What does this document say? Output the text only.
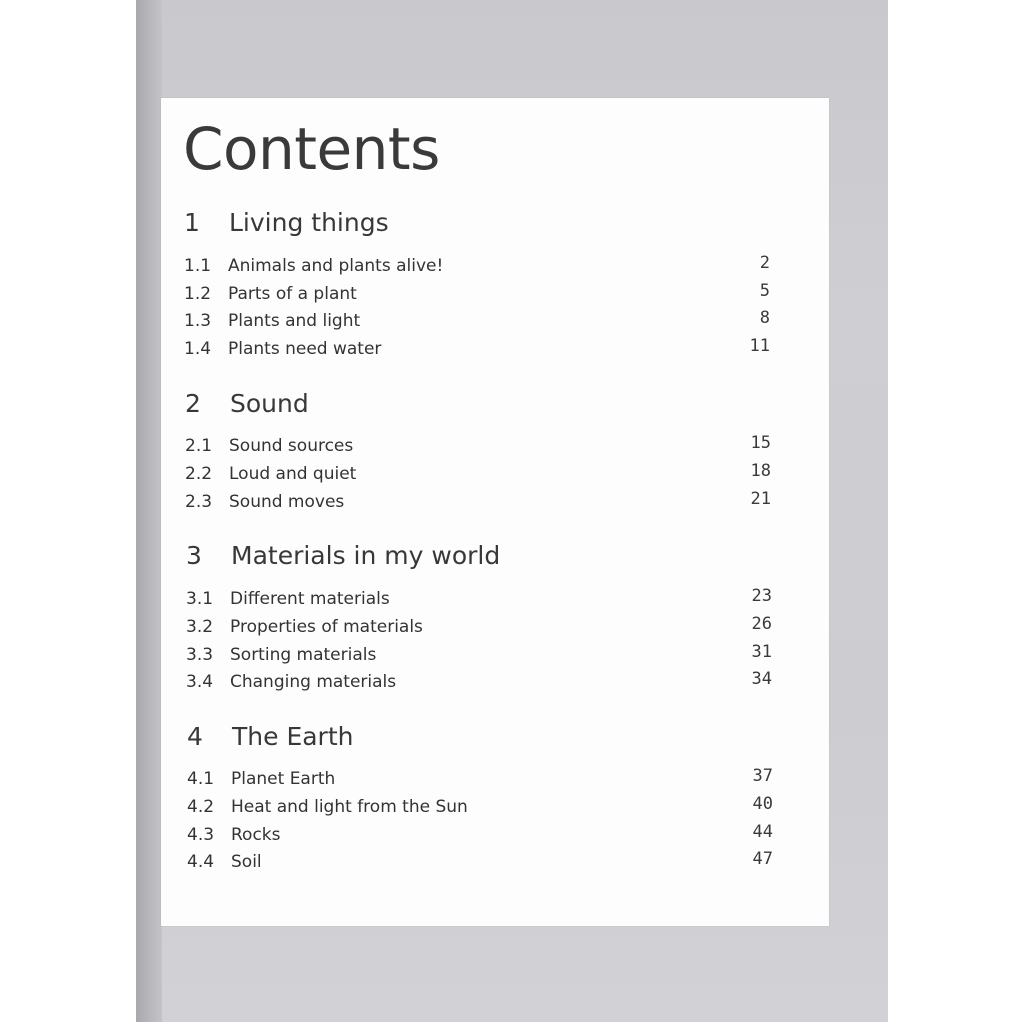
Contents
1 Living things
1.1 Animals and plants alive!	2
1.2 Parts of a plant	5
1.3 Plants and light	8
1.4 Plants need water	11
2 Sound
2.1 Sound sources	15
2.2 Loud and quiet	18
2.3 Sound moves	21
3 Materials in my world
3.1 Different materials	23
3.2 Properties of materials	26
3.3 Sorting materials	31
3.4 Changing materials	34
4 The Earth
4.1 Planet Earth	37
4.2 Heat and light from the Sun	40
4.3 Rocks	44
4.4 Soil	47
